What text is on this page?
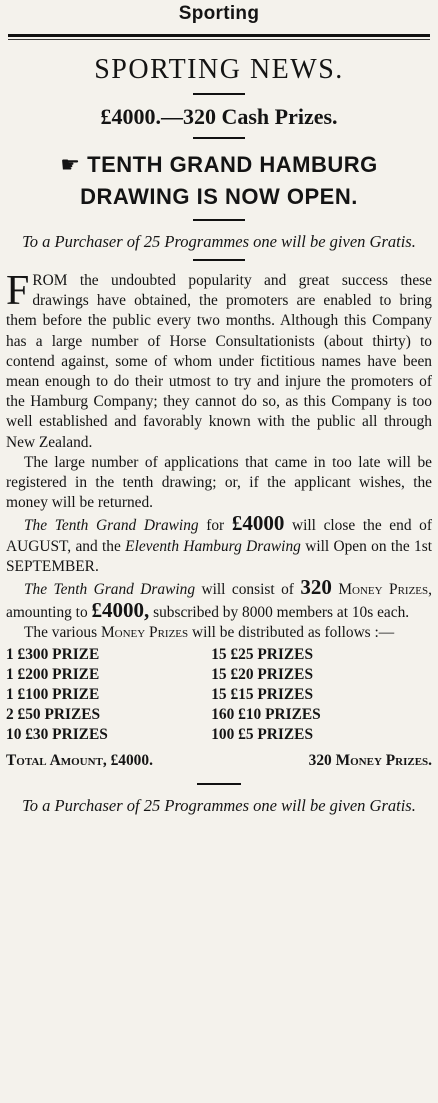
Sporting
SPORTING NEWS.
£4000.—320 Cash Prizes.
☛ TENTH GRAND HAMBURG
DRAWING IS NOW OPEN.
To a Purchaser of 25 Programmes one will be given Gratis.

FROM the undoubted popularity and great success these drawings have obtained, the promoters are enabled to bring them before the public every two months. Although this Company has a large number of Horse Consultationists (about thirty) to contend against, some of whom under fictitious names have been mean enough to do their utmost to try and injure the promoters of the Hamburg Company; they cannot do so, as this Company is too well established and favorably known with the public all through New Zealand.

The large number of applications that came in too late will be registered in the tenth drawing; or, if the applicant wishes, the money will be returned.

The Tenth Grand Drawing for £4000 will close the end of AUGUST, and the Eleventh Hamburg Drawing will Open on the 1st SEPTEMBER.

The Tenth Grand Drawing will consist of 320 Money Prizes, amounting to £4000, subscribed by 8000 members at 10s each.

The various Money Prizes will be distributed as follows :—

1 £300 PRIZE	15 £25 PRIZES
1 £200 PRIZE	15 £20 PRIZES
1 £100 PRIZE	15 £15 PRIZES
2 £50 PRIZES	160 £10 PRIZES
10 £30 PRIZES	100 £5 PRIZES
Total Amount, £4000.	320 Money Prizes.
To a Purchaser of 25 Programmes one will be given Gratis.
